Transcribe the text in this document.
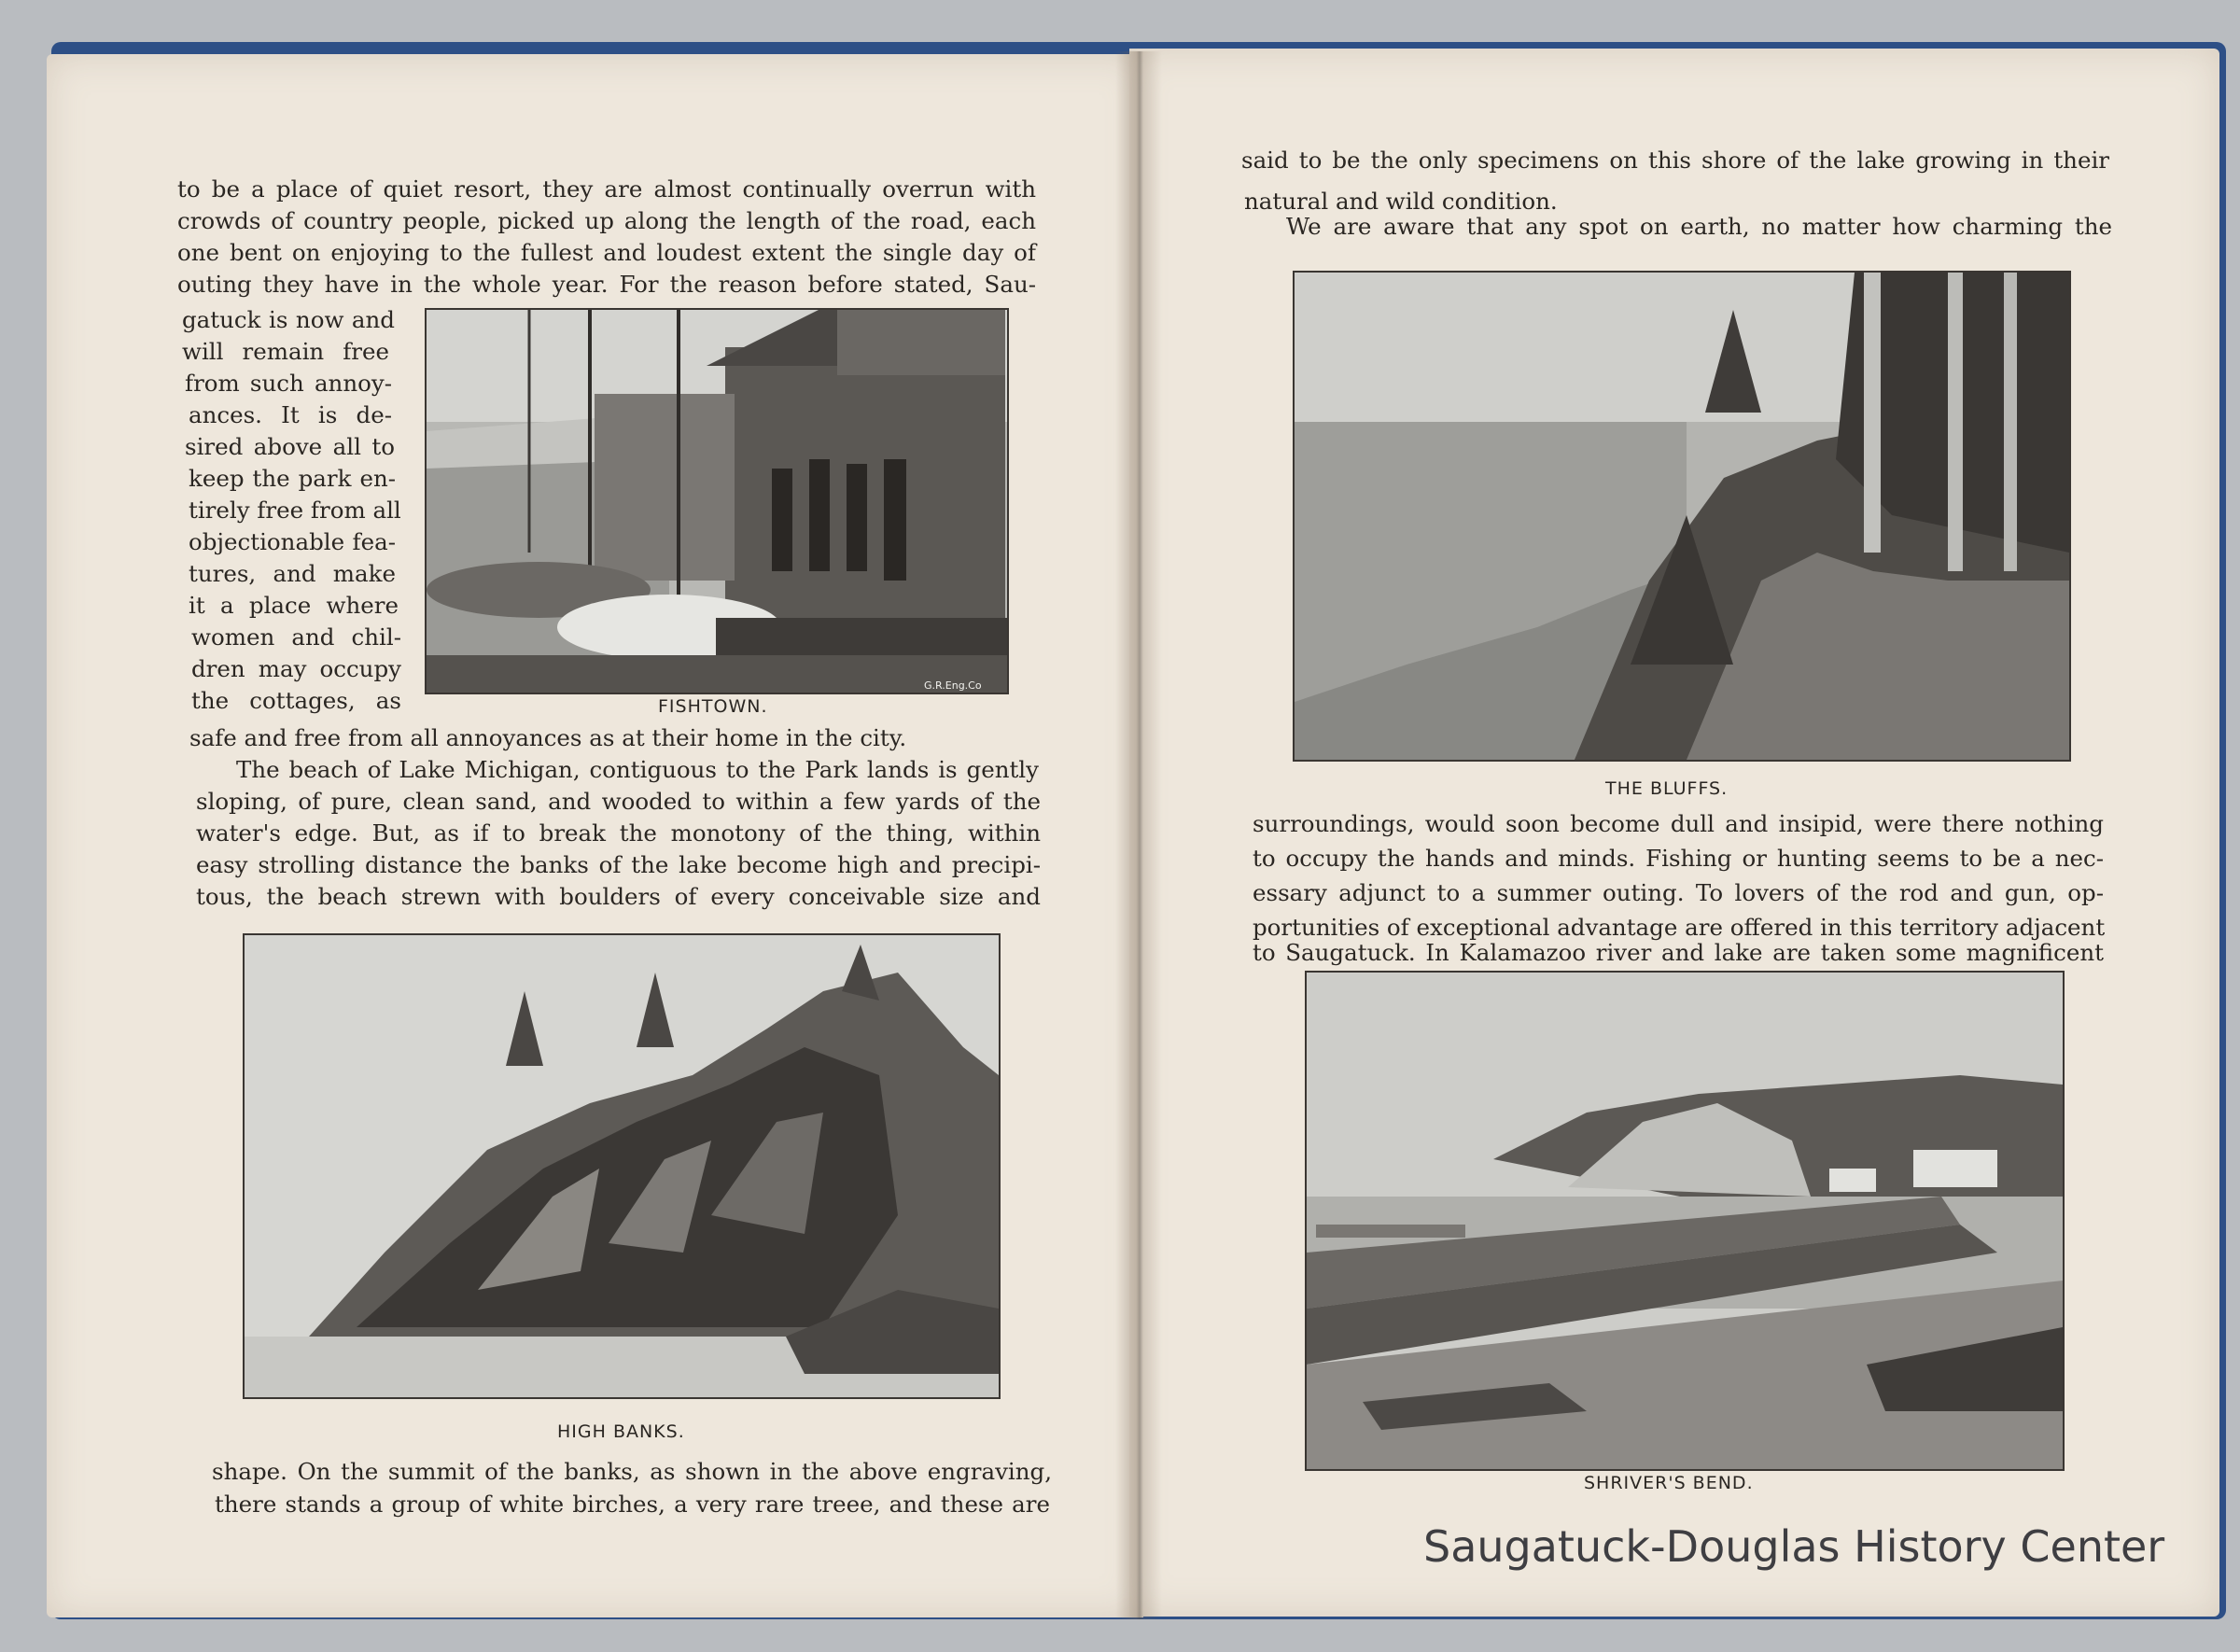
to be a place of quiet resort, they are almost continually overrun with

crowds of country people, picked up along the length of the road, each

one bent on enjoying to the fullest and loudest extent the single day of

outing they have in the whole year. For the reason before stated, Sau-

gatuck is now and

will remain free

from such annoy-

ances. It is de-

sired above all to

keep the park en-

tirely free from all

objectionable fea-

tures, and make

it a place where

women and chil-

dren may occupy

the cottages, as	FISHTOWN.
G.R.Eng.Co

safe and free from all annoyances as at their home in the city.

The beach of Lake Michigan, contiguous to the Park lands is gently

sloping, of pure, clean sand, and wooded to within a few yards of the

water's edge. But, as if to break the monotony of the thing, within

easy strolling distance the banks of the lake become high and precipi-

tous, the beach strewn with boulders of every conceivable size and

HIGH BANKS.

shape. On the summit of the banks, as shown in the above engraving,

there stands a group of white birches, a very rare treee, and these are

said to be the only specimens on this shore of the lake growing in their

natural and wild condition.

We are aware that any spot on earth, no matter how charming the

THE BLUFFS.

surroundings, would soon become dull and insipid, were there nothing

to occupy the hands and minds. Fishing or hunting seems to be a nec-

essary adjunct to a summer outing. To lovers of the rod and gun, op-

portunities of exceptional advantage are offered in this territory adjacent

to Saugatuck. In Kalamazoo river and lake are taken some magnificent

SHRIVER'S BEND.
Saugatuck-Douglas History Center
